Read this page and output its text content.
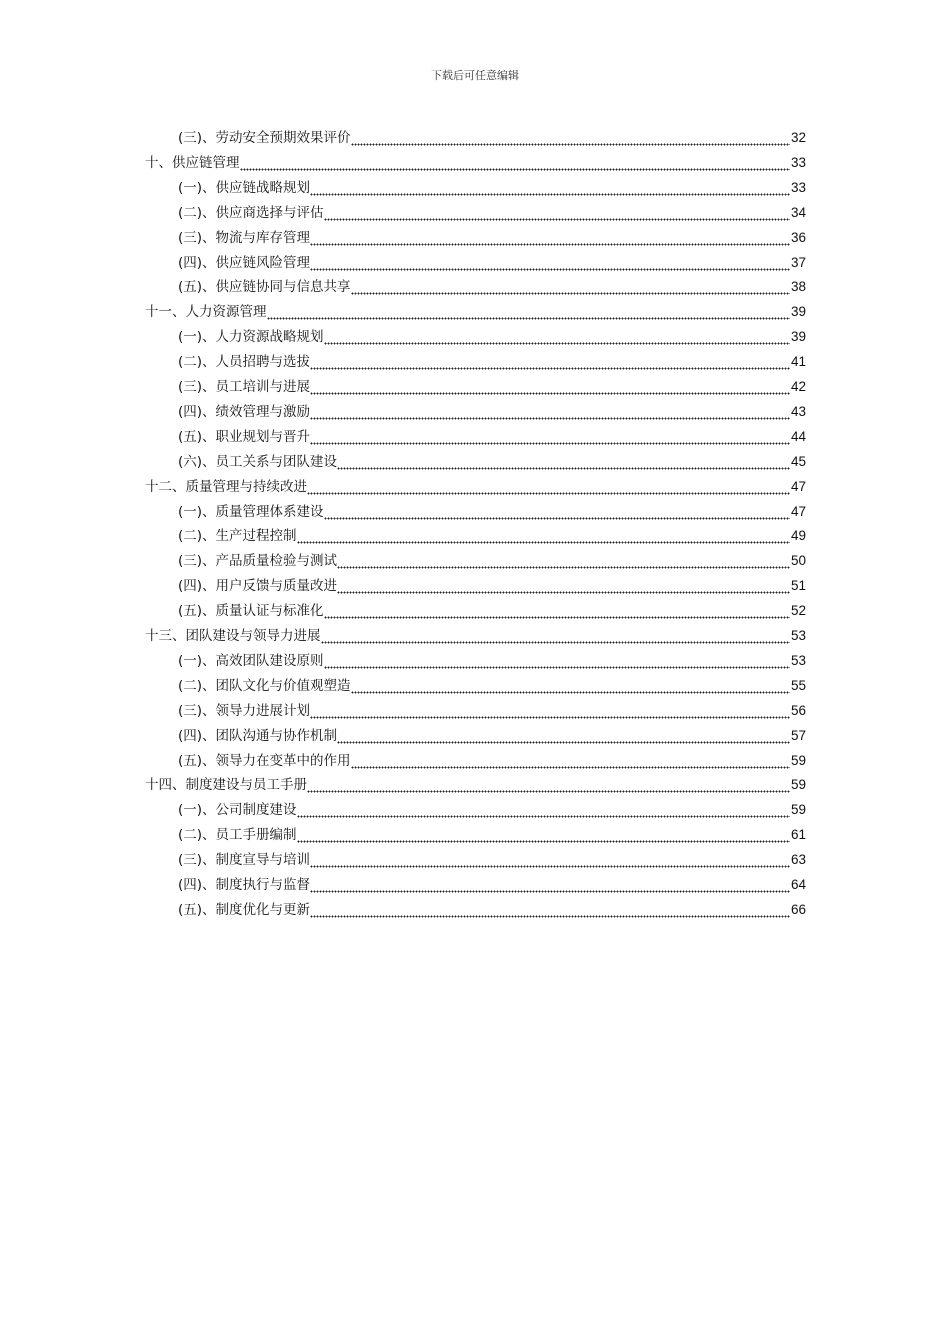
下载后可任意编辑
(三)、劳动安全预期效果评价	32
十、供应链管理	33
(一)、供应链战略规划	33
(二)、供应商选择与评估	34
(三)、物流与库存管理	36
(四)、供应链风险管理	37
(五)、供应链协同与信息共享	38
十一、人力资源管理	39
(一)、人力资源战略规划	39
(二)、人员招聘与选拔	41
(三)、员工培训与进展	42
(四)、绩效管理与激励	43
(五)、职业规划与晋升	44
(六)、员工关系与团队建设	45
十二、质量管理与持续改进	47
(一)、质量管理体系建设	47
(二)、生产过程控制	49
(三)、产品质量检验与测试	50
(四)、用户反馈与质量改进	51
(五)、质量认证与标准化	52
十三、团队建设与领导力进展	53
(一)、高效团队建设原则	53
(二)、团队文化与价值观塑造	55
(三)、领导力进展计划	56
(四)、团队沟通与协作机制	57
(五)、领导力在变革中的作用	59
十四、制度建设与员工手册	59
(一)、公司制度建设	59
(二)、员工手册编制	61
(三)、制度宣导与培训	63
(四)、制度执行与监督	64
(五)、制度优化与更新	66
